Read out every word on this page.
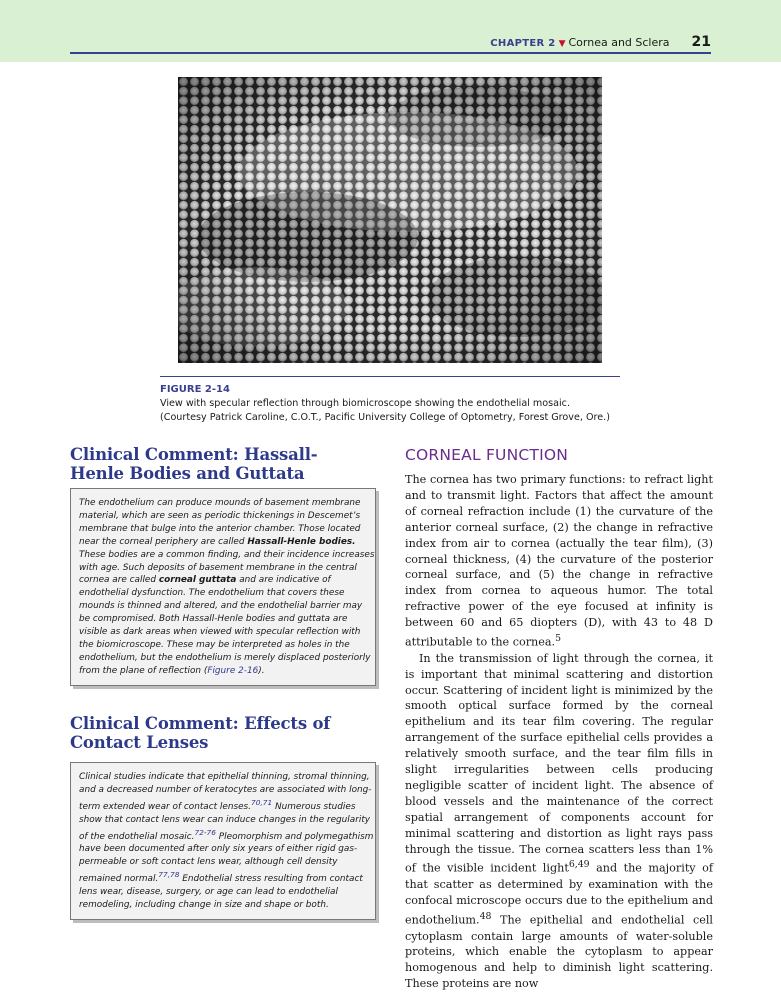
CHAPTER 2 ▼ Cornea and Sclera 21
FIGURE 2-14
View with specular reflection through biomicroscope showing the endothelial mosaic.
(Courtesy Patrick Caroline, C.O.T., Pacific University College of Optometry, Forest Grove, Ore.)
Clinical Comment: Hassall-Henle Bodies and Guttata
The endothelium can produce mounds of basement membrane material, which are seen as periodic thickenings in Descemet’s membrane that bulge into the anterior chamber. Those located near the corneal periphery are called Hassall-Henle bodies. These bodies are a common finding, and their incidence increases with age. Such deposits of basement membrane in the central cornea are called corneal guttata and are indicative of endothelial dysfunction. The endothelium that covers these mounds is thinned and altered, and the endothelial barrier may be compromised. Both Hassall-Henle bodies and guttata are visible as dark areas when viewed with specular reflection with the biomicroscope. These may be interpreted as holes in the endothelium, but the endothelium is merely displaced posteriorly from the plane of reflection (Figure 2-16).
Clinical Comment: Effects of Contact Lenses
Clinical studies indicate that epithelial thinning, stromal thinning, and a decreased number of keratocytes are associated with long-term extended wear of contact lenses.$^{70,71}$ Numerous studies show that contact lens wear can induce changes in the regularity of the endothelial mosaic.$^{72-76}$ Pleomorphism and polymegathism have been documented after only six years of either rigid gas-permeable or soft contact lens wear, although cell density remained normal.$^{77,78}$ Endothelial stress resulting from contact lens wear, disease, surgery, or age can lead to endothelial remodeling, including change in size and shape or both.
CORNEAL FUNCTION

The cornea has two primary functions: to refract light and to transmit light. Factors that affect the amount of corneal refraction include (1) the curvature of the anterior corneal surface, (2) the change in refractive index from air to cornea (actually the tear film), (3) corneal thickness, (4) the curvature of the posterior corneal surface, and (5) the change in refractive index from cornea to aqueous humor. The total refractive power of the eye focused at infinity is between 60 and 65 diopters (D), with 43 to 48 D attributable to the cornea.$^5$

In the transmission of light through the cornea, it is important that minimal scattering and distortion occur. Scattering of incident light is minimized by the smooth optical surface formed by the corneal epithelium and its tear film covering. The regular arrangement of the surface epithelial cells provides a relatively smooth surface, and the tear film fills in slight irregularities between cells producing negligible scatter of incident light. The absence of blood vessels and the maintenance of the correct spatial arrangement of components account for minimal scattering and distortion as light rays pass through the tissue. The cornea scatters less than 1% of the visible incident light$^{6,49}$ and the majority of that scatter as determined by examination with the confocal microscope occurs due to the epithelium and endothelium.$^{48}$ The epithelial and endothelial cell cytoplasm contain large amounts of water-soluble proteins, which enable the cytoplasm to appear homogenous and help to diminish light scattering. These proteins are now
